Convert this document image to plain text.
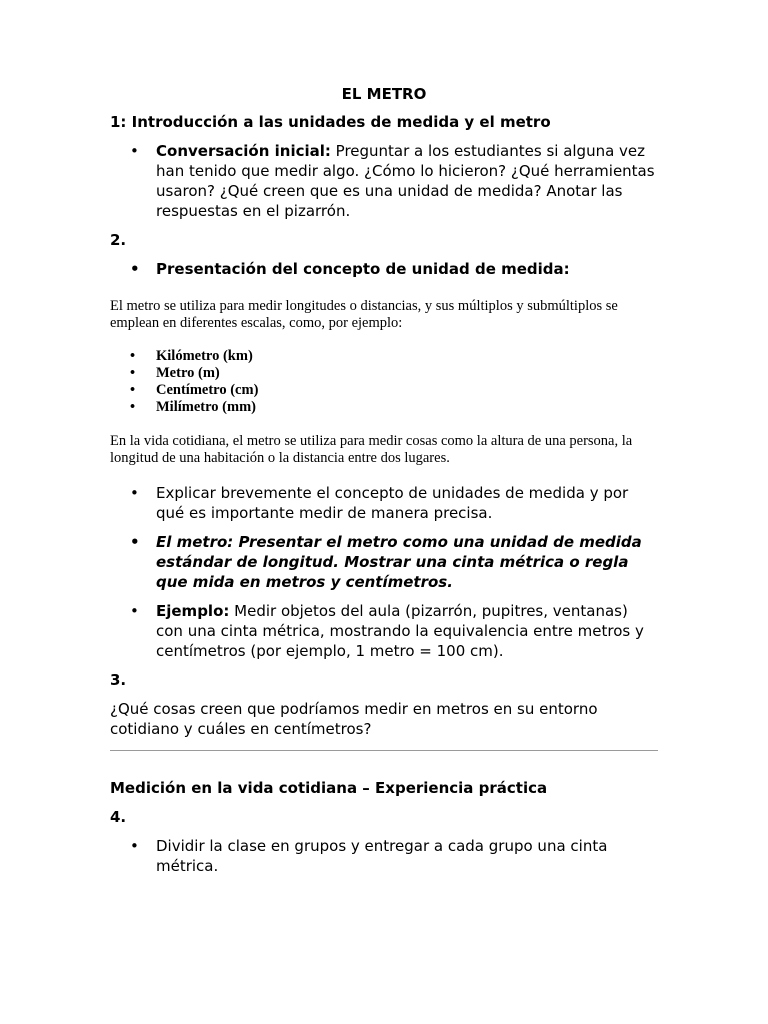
EL METRO
1: Introducción a las unidades de medida y el metro
• Conversación inicial: Preguntar a los estudiantes si alguna vez han tenido que medir algo. ¿Cómo lo hicieron? ¿Qué herramientas usaron? ¿Qué creen que es una unidad de medida? Anotar las respuestas en el pizarrón.
2.
• Presentación del concepto de unidad de medida:

El metro se utiliza para medir longitudes o distancias, y sus múltiplos y submúltiplos se emplean en diferentes escalas, como, por ejemplo:

• Kilómetro (km)
• Metro (m)
• Centímetro (cm)
• Milímetro (mm)

En la vida cotidiana, el metro se utiliza para medir cosas como la altura de una persona, la longitud de una habitación o la distancia entre dos lugares.

• Explicar brevemente el concepto de unidades de medida y por qué es importante medir de manera precisa.
• El metro: Presentar el metro como una unidad de medida estándar de longitud. Mostrar una cinta métrica o regla que mida en metros y centímetros.
• Ejemplo: Medir objetos del aula (pizarrón, pupitres, ventanas) con una cinta métrica, mostrando la equivalencia entre metros y centímetros (por ejemplo, 1 metro = 100 cm).
3.

¿Qué cosas creen que podríamos medir en metros en su entorno cotidiano y cuáles en centímetros?

Medición en la vida cotidiana – Experiencia práctica
4.
• Dividir la clase en grupos y entregar a cada grupo una cinta métrica.
